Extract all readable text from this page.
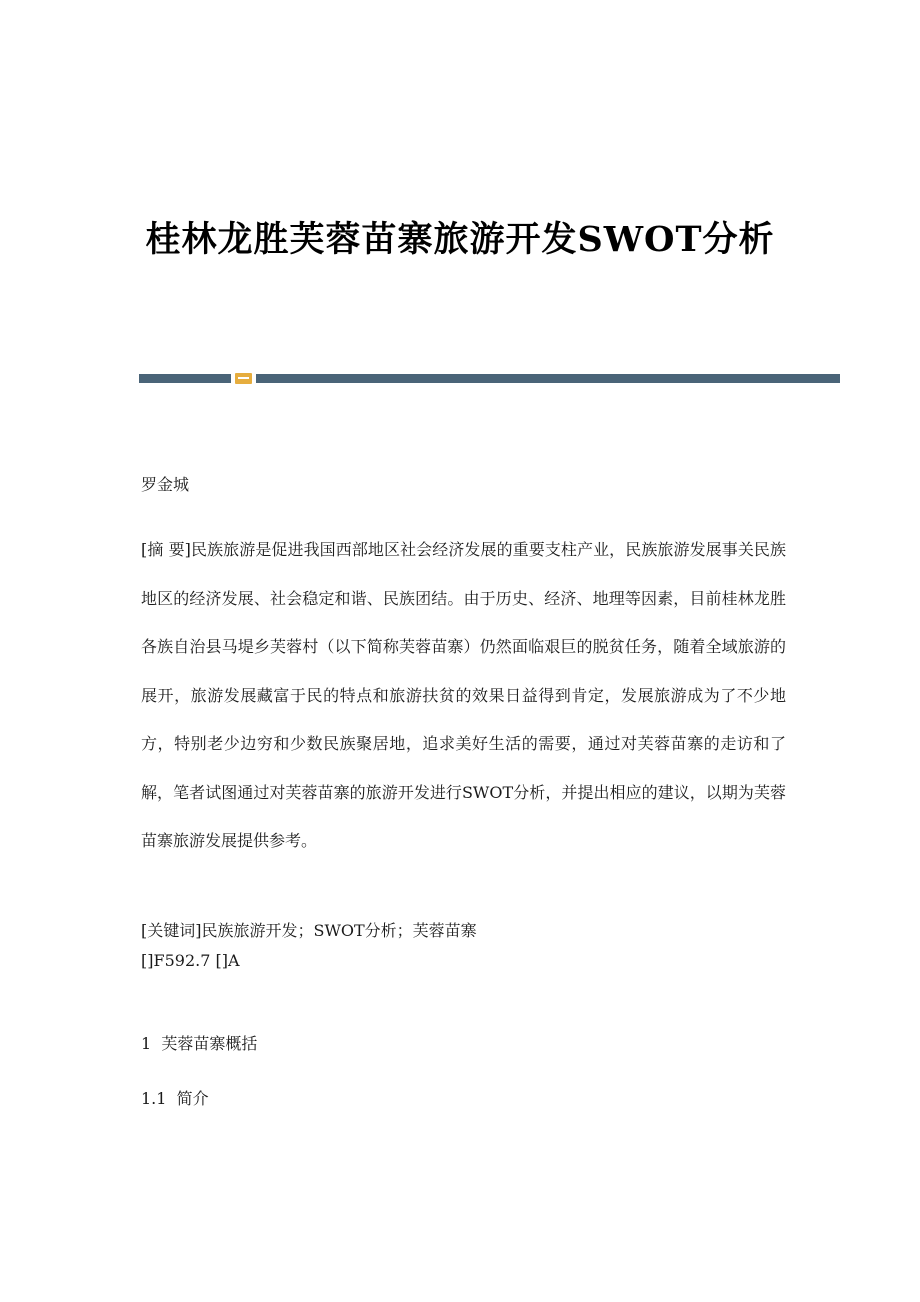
桂林龙胜芙蓉苗寨旅游开发SWOT分析
罗金城
[摘 要]民族旅游是促进我国西部地区社会经济发展的重要支柱产业，民族旅游发展事关民族地区的经济发展、社会稳定和谐、民族团结。由于历史、经济、地理等因素，目前桂林龙胜各族自治县马堤乡芙蓉村（以下简称芙蓉苗寨）仍然面临艰巨的脱贫任务，随着全域旅游的展开，旅游发展藏富于民的特点和旅游扶贫的效果日益得到肯定，发展旅游成为了不少地方，特别老少边穷和少数民族聚居地，追求美好生活的需要，通过对芙蓉苗寨的走访和了解，笔者试图通过对芙蓉苗寨的旅游开发进行SWOT分析，并提出相应的建议，以期为芙蓉苗寨旅游发展提供参考。
[关键词]民族旅游开发；SWOT分析；芙蓉苗寨
[]F592.7 []A
1  芙蓉苗寨概括
1.1  简介
